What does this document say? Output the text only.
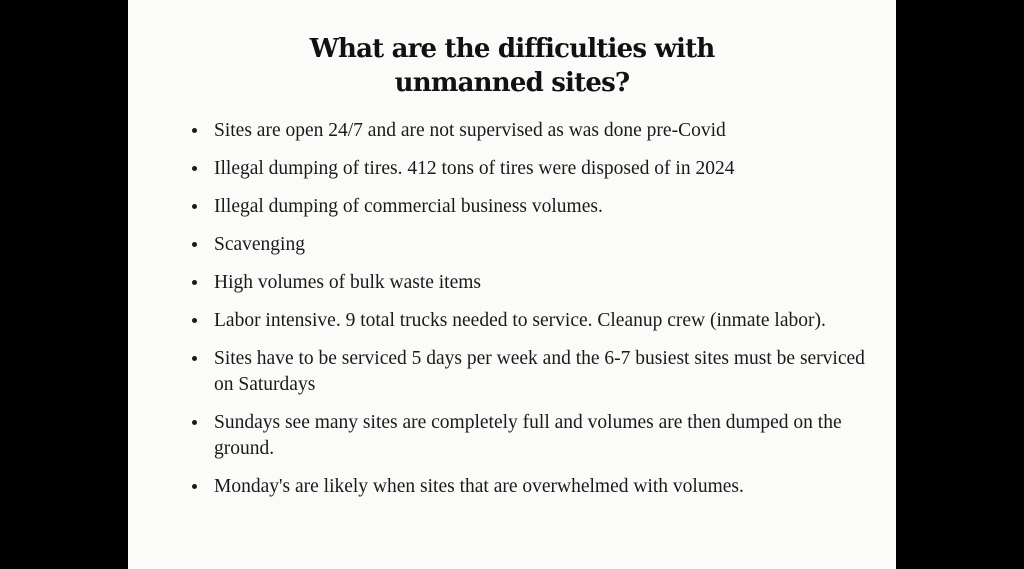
What are the difficulties with
unmanned sites?
Sites are open 24/7 and are not supervised as was done pre-Covid
Illegal dumping of tires. 412 tons of tires were disposed of in 2024
Illegal dumping of commercial business volumes.
Scavenging
High volumes of bulk waste items
Labor intensive. 9 total trucks needed to service. Cleanup crew (inmate labor).
Sites have to be serviced 5 days per week and the 6-7 busiest sites must be serviced on Saturdays
Sundays see many sites are completely full and volumes are then dumped on the ground.
Monday's are likely when sites that are overwhelmed with volumes.
